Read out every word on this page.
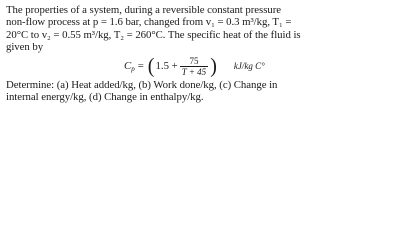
The properties of a system, during a reversible constant pressure
non-flow process at p = 1.6 bar, changed from v₁ = 0.3 m³/kg, T₁ =
20°C to v₂ = 0.55 m³/kg, T₂ = 260°C. The specific heat of the fluid is
given by
$C_p$ = ( $1.5 + \frac{75}{T + 45}$ ) kJ/kg C°
Determine: (a) Heat added/kg, (b) Work done/kg, (c) Change in
internal energy/kg, (d) Change in enthalpy/kg.
